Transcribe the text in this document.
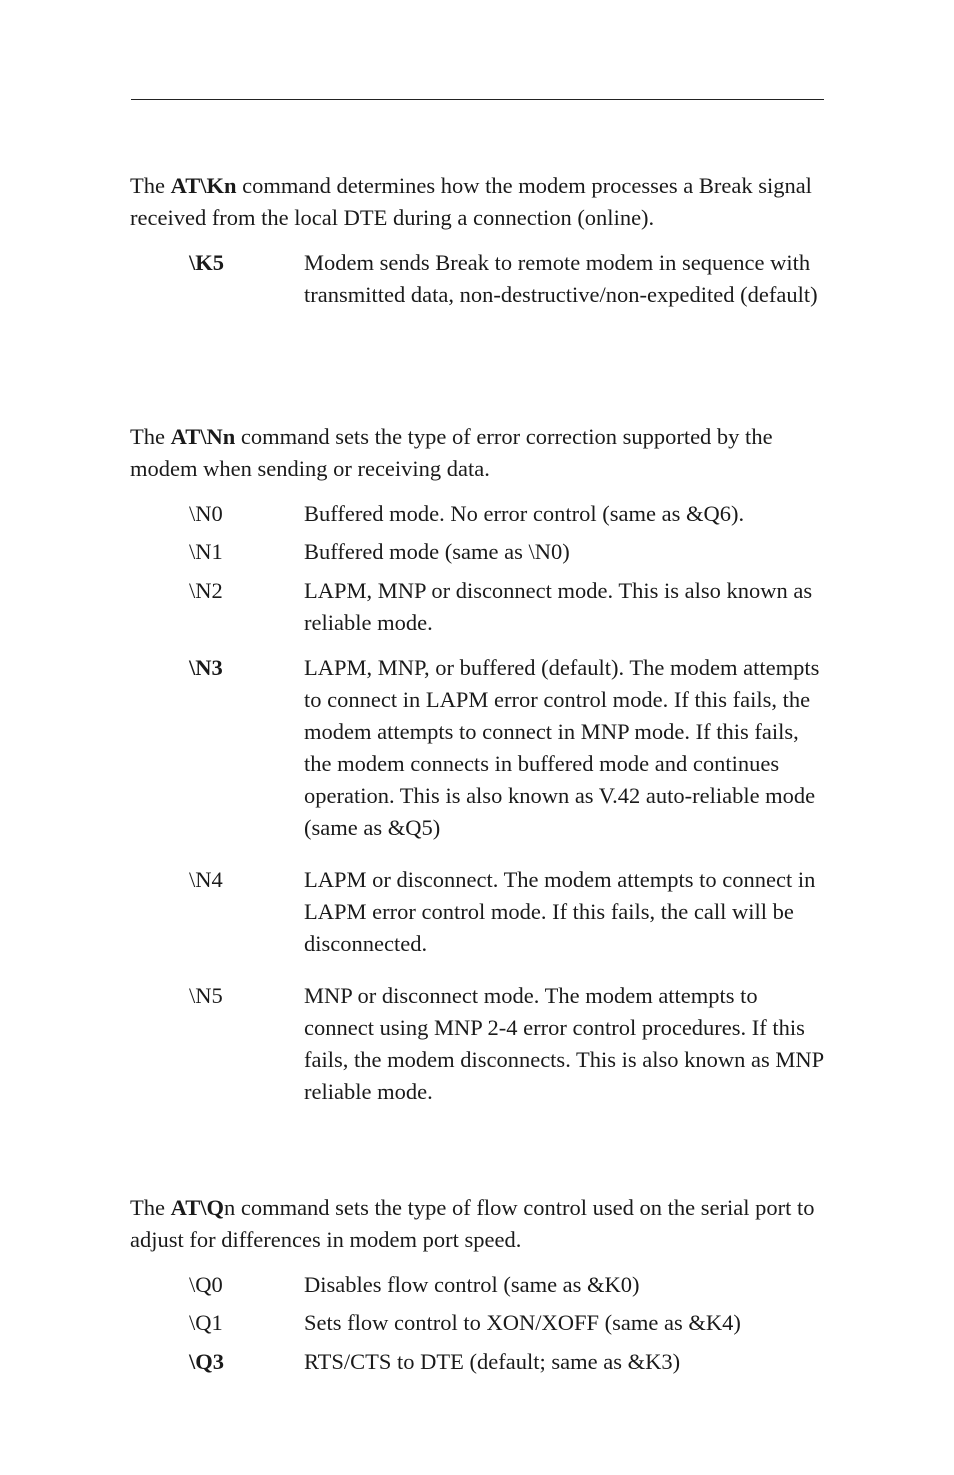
The AT\Kn command determines how the modem processes a Break signal received from the local DTE during a connection (online).

\K5	Modem sends Break to remote modem in sequence with transmitted data, non-destructive/non-expedited (default)

The AT\Nn command sets the type of error correction supported by the modem when sending or receiving data.

\N0	Buffered mode. No error control (same as &Q6).
\N1	Buffered mode (same as \N0)
\N2	LAPM, MNP or disconnect mode. This is also known as reliable mode.
\N3	LAPM, MNP, or buffered (default). The modem attempts to connect in LAPM error control mode. If this fails, the modem attempts to connect in MNP mode. If this fails, the modem connects in buffered mode and continues operation. This is also known as V.42 auto-reliable mode (same as &Q5)
\N4	LAPM or disconnect. The modem attempts to connect in LAPM error control mode. If this fails, the call will be disconnected.
\N5	MNP or disconnect mode. The modem attempts to connect using MNP 2-4 error control procedures. If this fails, the modem disconnects. This is also known as MNP reliable mode.

The AT\Qn command sets the type of flow control used on the serial port to adjust for differences in modem port speed.

\Q0	Disables flow control (same as &K0)
\Q1	Sets flow control to XON/XOFF (same as &K4)
\Q3	RTS/CTS to DTE (default; same as &K3)
